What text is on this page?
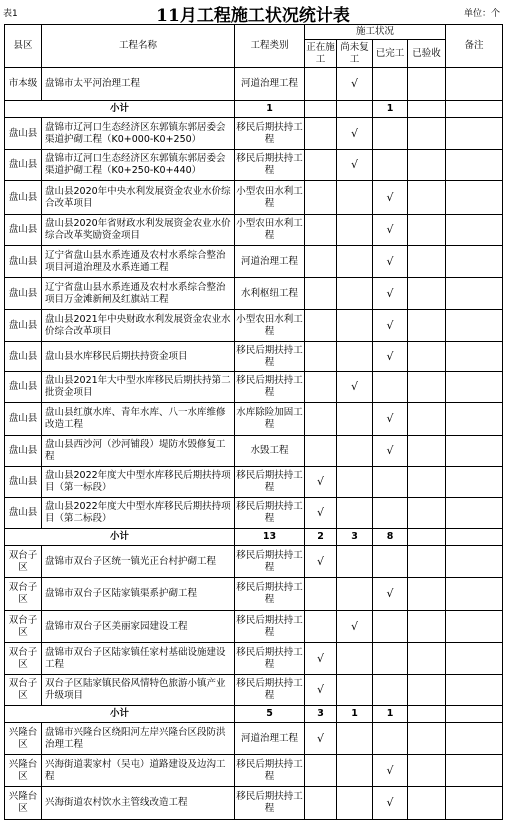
表1	11月工程施工状况统计表	单位：个
县区	工程名称	工程类别	施工状况				备注
			正在施工	尚未复工	已完工	已验收	
市本级	盘锦市太平河治理工程	河道治理工程		√			
小计		1			1		
盘山县	盘锦市辽河口生态经济区东郭镇东郭居委会渠道护砌工程（K0+000-K0+250）	移民后期扶持工程		√			
盘山县	盘锦市辽河口生态经济区东郭镇东郭居委会渠道护砌工程（K0+250-K0+440）	移民后期扶持工程		√			
盘山县	盘山县2020年中央水利发展资金农业水价综合改革项目	小型农田水利工程			√		
盘山县	盘山县2020年省财政水利发展资金农业水价综合改革奖励资金项目	小型农田水利工程			√		
盘山县	辽宁省盘山县水系连通及农村水系综合整治项目河道治理及水系连通工程	河道治理工程			√		
盘山县	辽宁省盘山县水系连通及农村水系综合整治项目万金滩新闸及红旗站工程	水利枢纽工程			√		
盘山县	盘山县2021年中央财政水利发展资金农业水价综合改革项目	小型农田水利工程			√		
盘山县	盘山县水库移民后期扶持资金项目	移民后期扶持工程			√		
盘山县	盘山县2021年大中型水库移民后期扶持第二批资金项目	移民后期扶持工程		√			
盘山县	盘山县红旗水库、青年水库、八一水库维修改造工程	水库除险加固工程			√		
盘山县	盘山县西沙河（沙河铺段）堤防水毁修复工程	水毁工程			√		
盘山县	盘山县2022年度大中型水库移民后期扶持项目（第一标段）	移民后期扶持工程	√				
盘山县	盘山县2022年度大中型水库移民后期扶持项目（第二标段）	移民后期扶持工程	√				
小计		13	2	3	8		
双台子区	盘锦市双台子区统一镇光正台村护砌工程	移民后期扶持工程	√				
双台子区	盘锦市双台子区陆家镇渠系护砌工程	移民后期扶持工程			√		
双台子区	盘锦市双台子区美丽家园建设工程	移民后期扶持工程		√			
双台子区	盘锦市双台子区陆家镇任家村基础设施建设工程	移民后期扶持工程	√				
双台子区	双台子区陆家镇民俗风情特色旅游小镇产业升级项目	移民后期扶持工程	√				
小计		5	3	1	1		
兴隆台区	盘锦市兴隆台区绕阳河左岸兴隆台区段防洪治理工程	河道治理工程	√				
兴隆台区	兴海街道裴家村（吴屯）道路建设及边沟工程	移民后期扶持工程			√		
兴隆台区	兴海街道农村饮水主管线改造工程	移民后期扶持工程			√		
